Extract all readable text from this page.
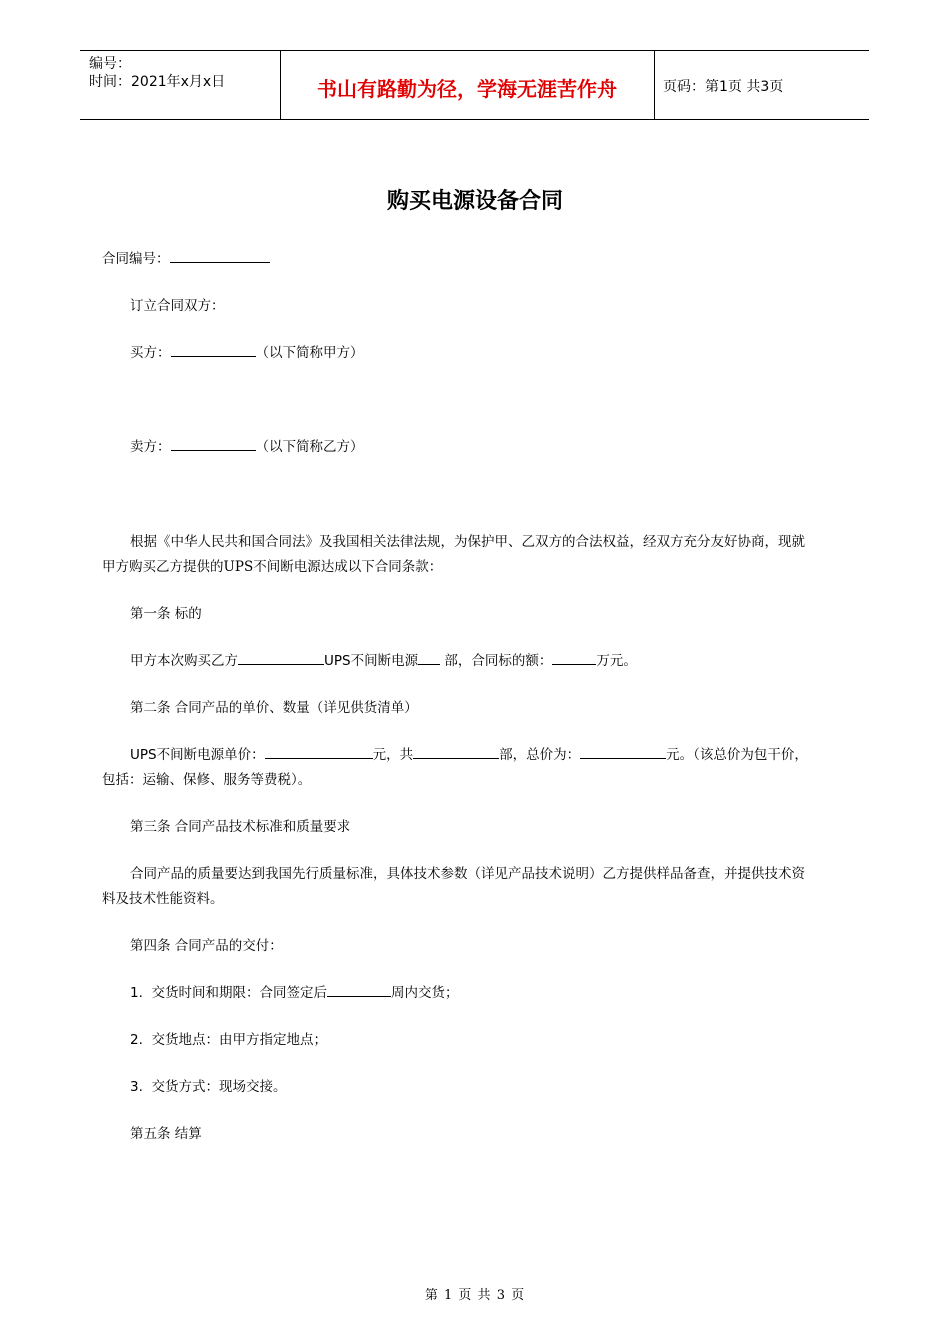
编号：
时间：2021年x月x日	书山有路勤为径，学海无涯苦作舟	页码：第1页 共3页
购买电源设备合同
合同编号：
订立合同双方：
买方：	（以下简称甲方）
卖方：	（以下简称乙方）
根据《中华人民共和国合同法》及我国相关法律法规，为保护甲、乙双方的合法权益，经双方充分友好协商，现就
甲方购买乙方提供的UPS不间断电源达成以下合同条款：
第一条 标的
甲方本次购买乙方	UPS不间断电源 部，合同标的额：	万元。
第二条 合同产品的单价、数量（详见供货清单）
UPS不间断电源单价：	元，共	部，总价为：	元。（该总价为包干价，
包括：运输、保修、服务等费税）。
第三条 合同产品技术标准和质量要求
合同产品的质量要达到我国先行质量标准，具体技术参数（详见产品技术说明）乙方提供样品备查，并提供技术资
料及技术性能资料。
第四条 合同产品的交付：
1. 交货时间和期限：合同签定后	周内交货；
2. 交货地点：由甲方指定地点；
3. 交货方式：现场交接。
第五条 结算
第 1 页 共 3 页
